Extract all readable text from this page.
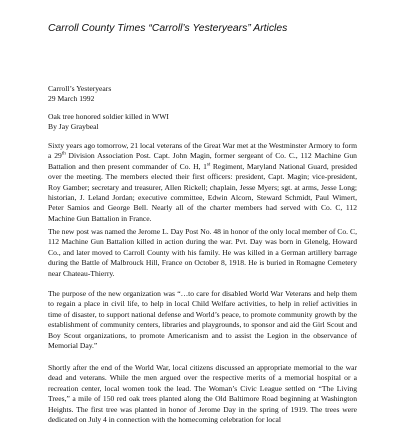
Carroll County Times “Carroll’s Yesteryears” Articles
Carroll’s Yesteryears
29 March 1992
Oak tree honored soldier killed in WWI
By Jay Graybeal

Sixty years ago tomorrow, 21 local veterans of the Great War met at the Westminster Armory to form a 29th Division Association Post. Capt. John Magin, former sergeant of Co. C., 112 Machine Gun Battalion and then present commander of Co. H, 1st Regiment, Maryland National Guard, presided over the meeting. The members elected their first officers: president, Capt. Magin; vice-president, Roy Gamber; secretary and treasurer, Allen Rickell; chaplain, Jesse Myers; sgt. at arms, Jesse Long; historian, J. Leland Jordan; executive committee, Edwin Alcorn, Steward Schmidt, Paul Wimert, Peter Samios and George Bell. Nearly all of the charter members had served with Co. C, 112 Machine Gun Battalion in France.

The new post was named the Jerome L. Day Post No. 48 in honor of the only local member of Co. C, 112 Machine Gun Battalion killed in action during the war. Pvt. Day was born in Glenelg, Howard Co., and later moved to Carroll County with his family. He was killed in a German artillery barrage during the Battle of Malbrouck Hill, France on October 8, 1918. He is buried in Romagne Cemetery near Chateau-Thierry.

The purpose of the new organization was “…to care for disabled World War Veterans and help them to regain a place in civil life, to help in local Child Welfare activities, to help in relief activities in time of disaster, to support national defense and World’s peace, to promote community growth by the establishment of community centers, libraries and playgrounds, to sponsor and aid the Girl Scout and Boy Scout organizations, to promote Americanism and to assist the Legion in the observance of Memorial Day.”

Shortly after the end of the World War, local citizens discussed an appropriate memorial to the war dead and veterans. While the men argued over the respective merits of a memorial hospital or a recreation center, local women took the lead. The Woman’s Civic League settled on “The Living Trees,” a mile of 150 red oak trees planted along the Old Baltimore Road beginning at Washington Heights. The first tree was planted in honor of Jerome Day in the spring of 1919. The trees were dedicated on July 4 in connection with the homecoming celebration for local
